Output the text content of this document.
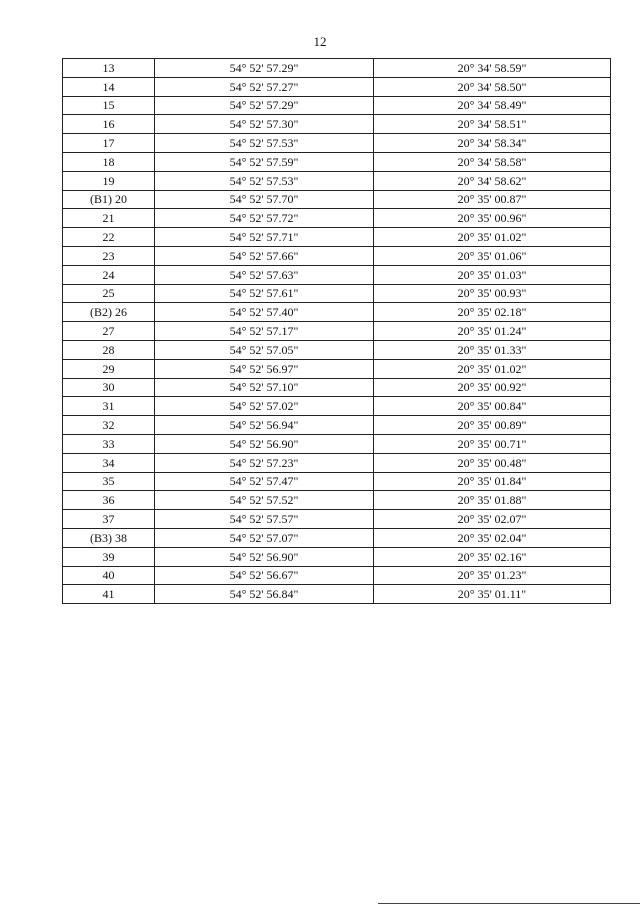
12
13	54° 52' 57.29"	20° 34' 58.59"
14	54° 52' 57.27"	20° 34' 58.50"
15	54° 52' 57.29"	20° 34' 58.49"
16	54° 52' 57.30"	20° 34' 58.51"
17	54° 52' 57.53"	20° 34' 58.34"
18	54° 52' 57.59"	20° 34' 58.58"
19	54° 52' 57.53"	20° 34' 58.62"
(B1) 20	54° 52' 57.70"	20° 35' 00.87"
21	54° 52' 57.72"	20° 35' 00.96"
22	54° 52' 57.71"	20° 35' 01.02"
23	54° 52' 57.66"	20° 35' 01.06"
24	54° 52' 57.63"	20° 35' 01.03"
25	54° 52' 57.61"	20° 35' 00.93"
(B2) 26	54° 52' 57.40"	20° 35' 02.18"
27	54° 52' 57.17"	20° 35' 01.24"
28	54° 52' 57.05"	20° 35' 01.33"
29	54° 52' 56.97"	20° 35' 01.02"
30	54° 52' 57.10"	20° 35' 00.92"
31	54° 52' 57.02"	20° 35' 00.84"
32	54° 52' 56.94"	20° 35' 00.89"
33	54° 52' 56.90"	20° 35' 00.71"
34	54° 52' 57.23"	20° 35' 00.48"
35	54° 52' 57.47"	20° 35' 01.84"
36	54° 52' 57.52"	20° 35' 01.88"
37	54° 52' 57.57"	20° 35' 02.07"
(B3) 38	54° 52' 57.07"	20° 35' 02.04"
39	54° 52' 56.90"	20° 35' 02.16"
40	54° 52' 56.67"	20° 35' 01.23"
41	54° 52' 56.84"	20° 35' 01.11"
